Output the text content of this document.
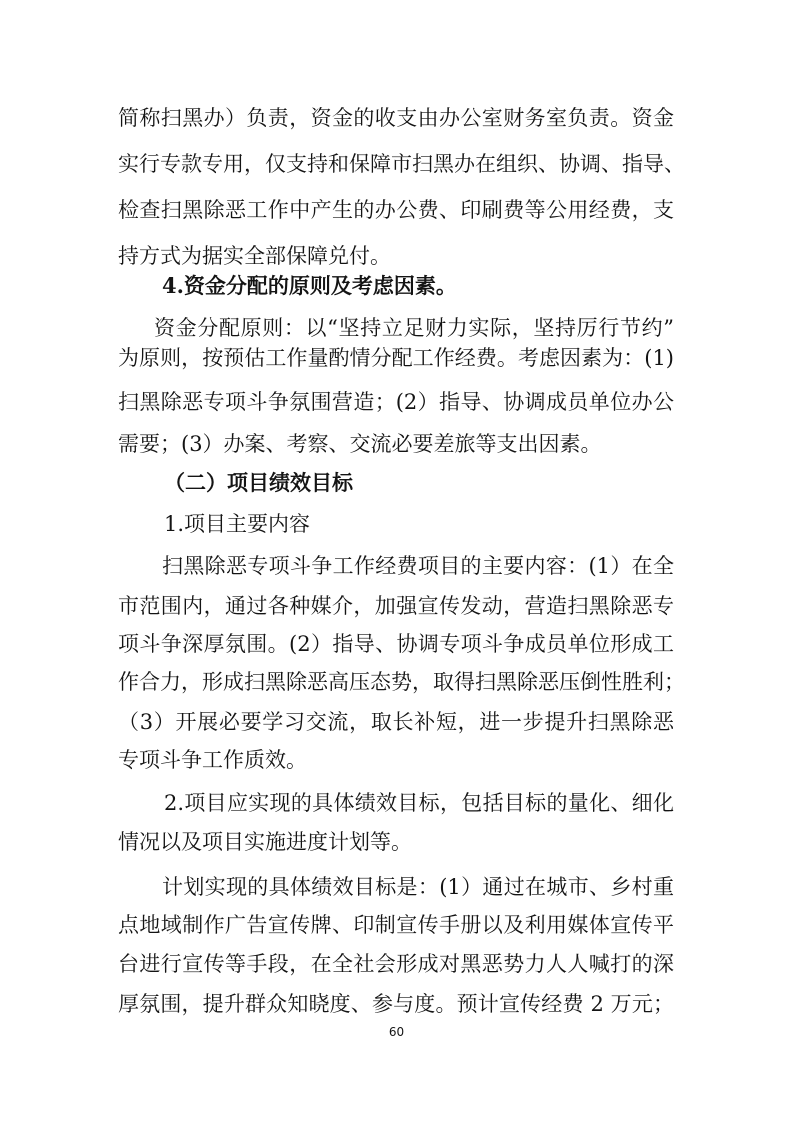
简称扫黑办）负责，资金的收支由办公室财务室负责。资金
实行专款专用，仅支持和保障市扫黑办在组织、协调、指导、
检查扫黑除恶工作中产生的办公费、印刷费等公用经费，支
持方式为据实全部保障兑付。
4.资金分配的原则及考虑因素。
资金分配原则：以“坚持立足财力实际，坚持厉行节约”
为原则，按预估工作量酌情分配工作经费。考虑因素为：(1)
扫黑除恶专项斗争氛围营造；(2）指导、协调成员单位办公
需要；(3）办案、考察、交流必要差旅等支出因素。
（二）项目绩效目标
1.项目主要内容
扫黑除恶专项斗争工作经费项目的主要内容：(1）在全
市范围内，通过各种媒介，加强宣传发动，营造扫黑除恶专
项斗争深厚氛围。(2）指导、协调专项斗争成员单位形成工
作合力，形成扫黑除恶高压态势，取得扫黑除恶压倒性胜利；
（3）开展必要学习交流，取长补短，进一步提升扫黑除恶
专项斗争工作质效。
2.项目应实现的具体绩效目标，包括目标的量化、细化
情况以及项目实施进度计划等。
计划实现的具体绩效目标是：(1）通过在城市、乡村重
点地域制作广告宣传牌、印制宣传手册以及利用媒体宣传平
台进行宣传等手段，在全社会形成对黑恶势力人人喊打的深
厚氛围，提升群众知晓度、参与度。预计宣传经费 2 万元；
60
